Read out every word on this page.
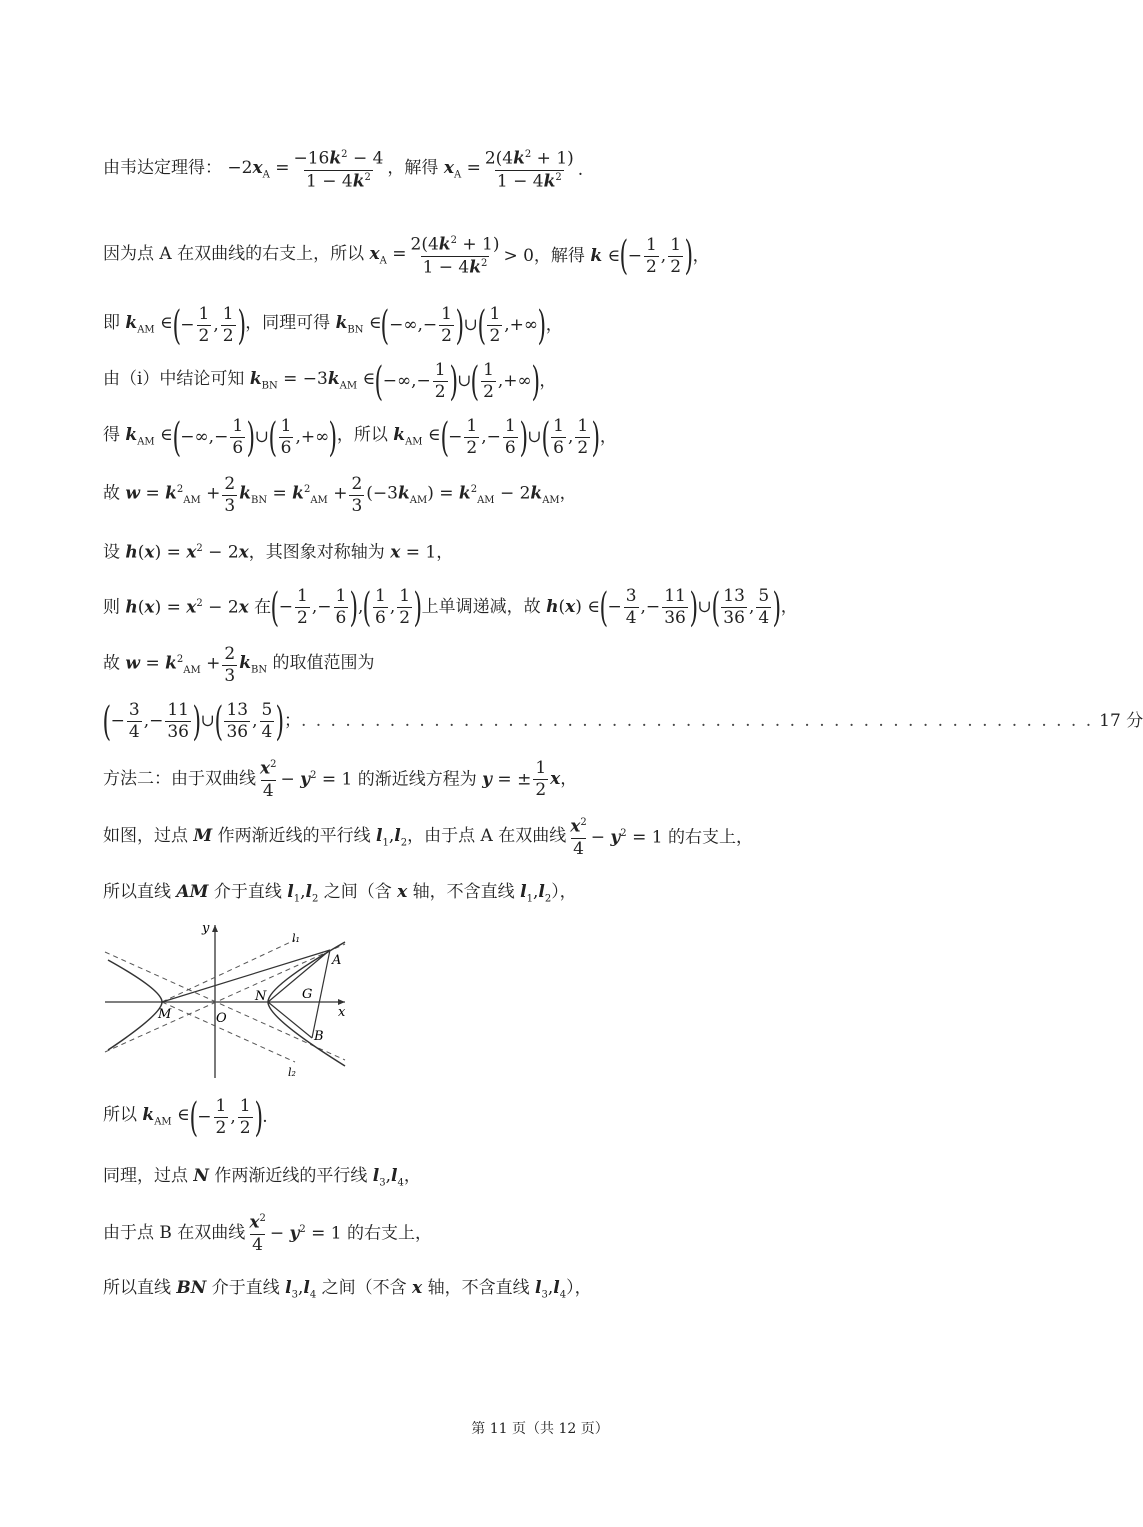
由韦达定理得： $-2x_A = \frac{-16k^2 - 4}{1 - 4k^2}$ ，解得 $x_A = \frac{2(4k^2 + 1)}{1 - 4k^2}$ .
因为点 A 在双曲线的右支上，所以 $x_A = \frac{2(4k^2 + 1)}{1 - 4k^2} > 0$，解得 k ∈ ( − $\frac{1}{2}$ , $\frac{1}{2}$ ) ，
即 $k_{AM}$ ∈ ( − $\frac{1}{2}$ , $\frac{1}{2}$ ) ，同理可得 $k_{BN}$ ∈ ( −∞,− $\frac{1}{2}$ ) ∪ ( $\frac{1}{2}$ ,+∞ ) ，
由（i）中结论可知 $k_{BN} = -3k_{AM}$ ∈ ( −∞,− $\frac{1}{2}$ ) ∪ ( $\frac{1}{2}$ ,+∞ ) ，
得 $k_{AM}$ ∈ ( −∞,− $\frac{1}{6}$ ) ∪ ( $\frac{1}{6}$ ,+∞ ) ，所以 $k_{AM}$ ∈ ( − $\frac{1}{2}$ ,− $\frac{1}{6}$ ) ∪ ( $\frac{1}{6}$ , $\frac{1}{2}$ ) ，
故 $w = k^2_{AM} + \frac{2}{3} k_{BN} = k^2_{AM} + \frac{2}{3} (-3k_{AM}) = k^2_{AM} - 2k_{AM}$，
设 $h(x) = x^2 - 2x$，其图象对称轴为 x = 1，
则 $h(x) = x^2 - 2x$ 在 ( − $\frac{1}{2}$ ,− $\frac{1}{6}$ ) , ( $\frac{1}{6}$ , $\frac{1}{2}$ ) 上单调递减，故 h(x) ∈ ( − $\frac{3}{4}$ ,− $\frac{11}{36}$ ) ∪ ( $\frac{13}{36}$ , $\frac{5}{4}$ ) ，
故 $w = k^2_{AM} + \frac{2}{3} k_{BN}$ 的取值范围为
( − $\frac{3}{4}$ ,− $\frac{11}{36}$ ) ∪ ( $\frac{13}{36}$ , $\frac{5}{4}$ ) ； . . . . . . . . . . . . . . . . . . . . . . . . . . . . . . . . . . . . . . . . . . . . . . . . . . . . . . 17 分
方法二：由于双曲线 $\frac{x^2}{4} - y^2 = 1$ 的渐近线方程为 y = ± $\frac{1}{2}$ x，
如图，过点 M 作两渐近线的平行线 $l_1,l_2$，由于点 A 在双曲线 $\frac{x^2}{4} - y^2 = 1$ 的右支上，
所以直线 AM 介于直线 $l_1,l_2$ 之间（含 x 轴，不含直线 $l_1,l_2$），
y
x
l₁
l₂
A
B
G
N
M	O
所以 $k_{AM}$ ∈ ( − $\frac{1}{2}$ , $\frac{1}{2}$ ) .
同理，过点 N 作两渐近线的平行线 $l_3,l_4$，
由于点 B 在双曲线 $\frac{x^2}{4} - y^2 = 1$ 的右支上，
所以直线 BN 介于直线 $l_3,l_4$ 之间（不含 x 轴，不含直线 $l_3,l_4$），
第 11 页（共 12 页）
